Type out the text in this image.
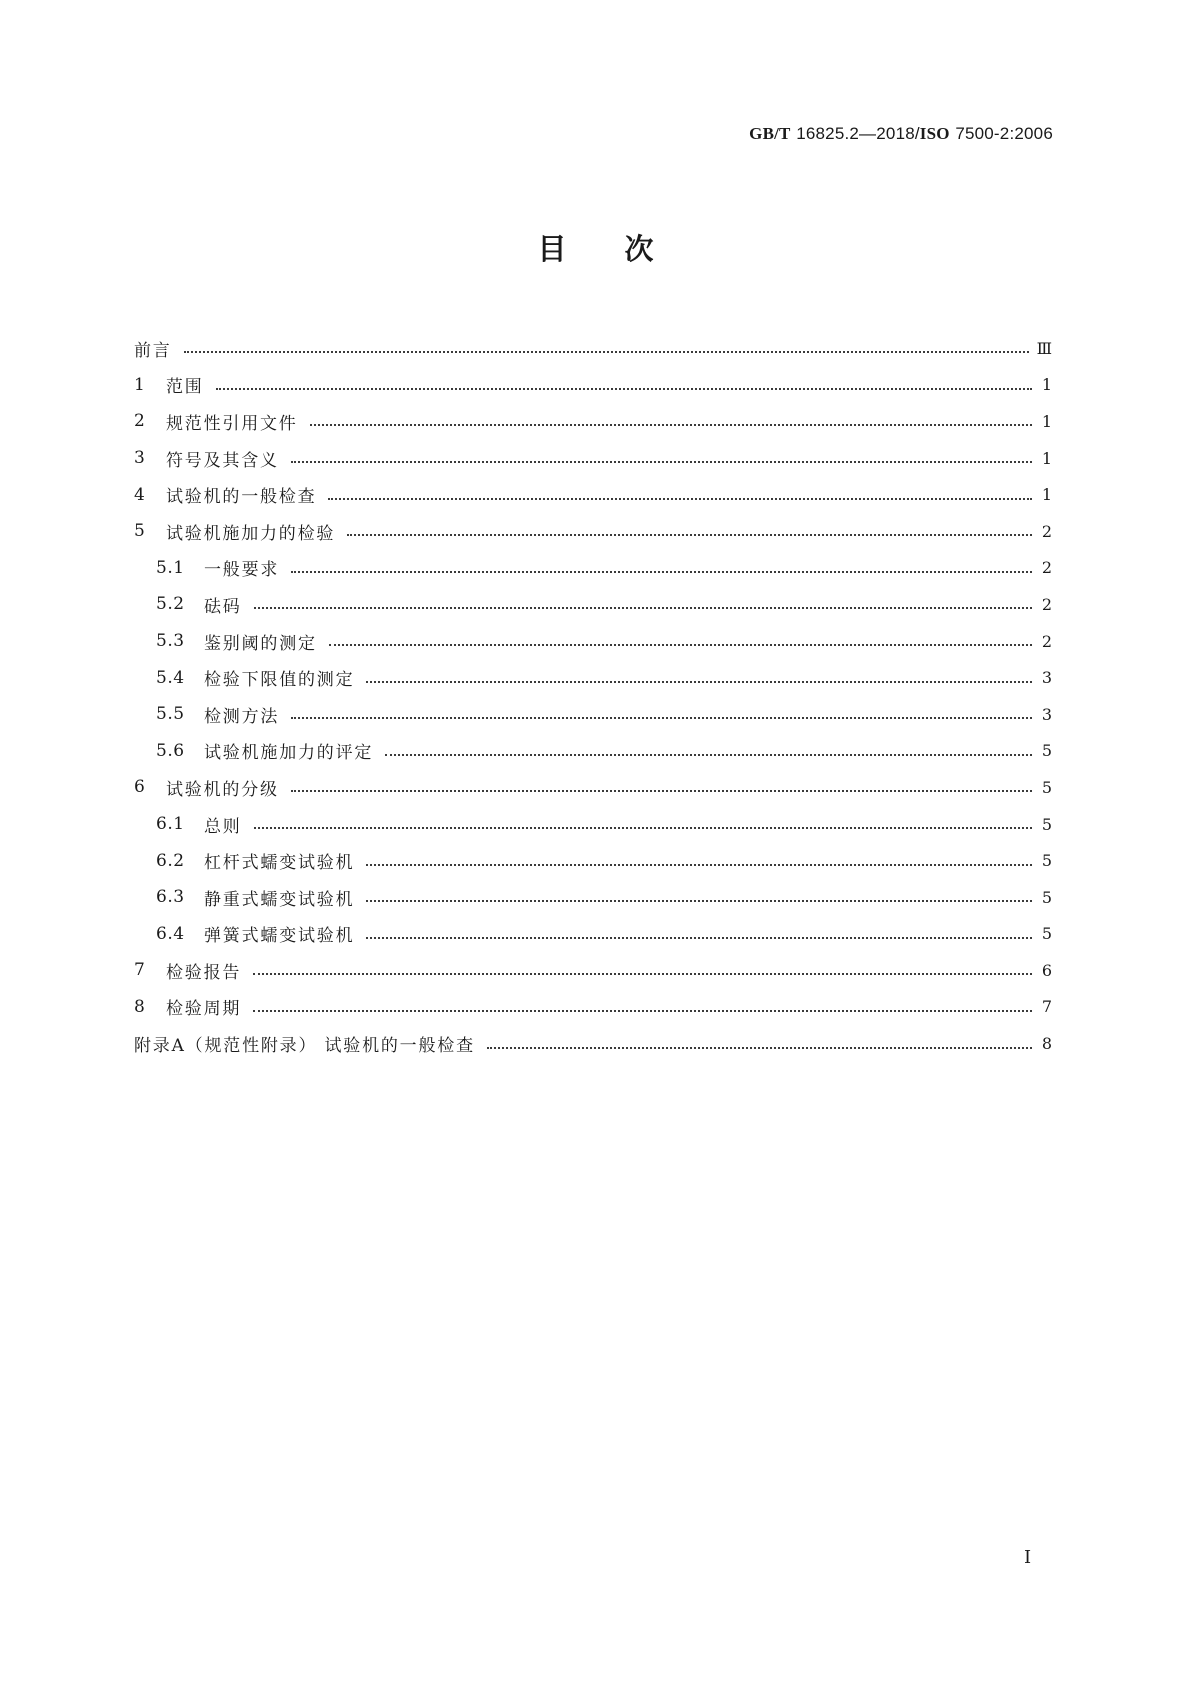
GB/T 16825.2—2018/ISO 7500-2:2006
目次
前言	Ⅲ
1	范围	1
2	规范性引用文件	1
3	符号及其含义	1
4	试验机的一般检查	1
5	试验机施加力的检验	2
5.1	一般要求	2
5.2	砝码	2
5.3	鉴别阈的测定	2
5.4	检验下限值的测定	3
5.5	检测方法	3
5.6	试验机施加力的评定	5
6	试验机的分级	5
6.1	总则	5
6.2	杠杆式蠕变试验机	5
6.3	静重式蠕变试验机	5
6.4	弹簧式蠕变试验机	5
7	检验报告	6
8	检验周期	7
附录A（规范性附录） 试验机的一般检查	8
Ⅰ
